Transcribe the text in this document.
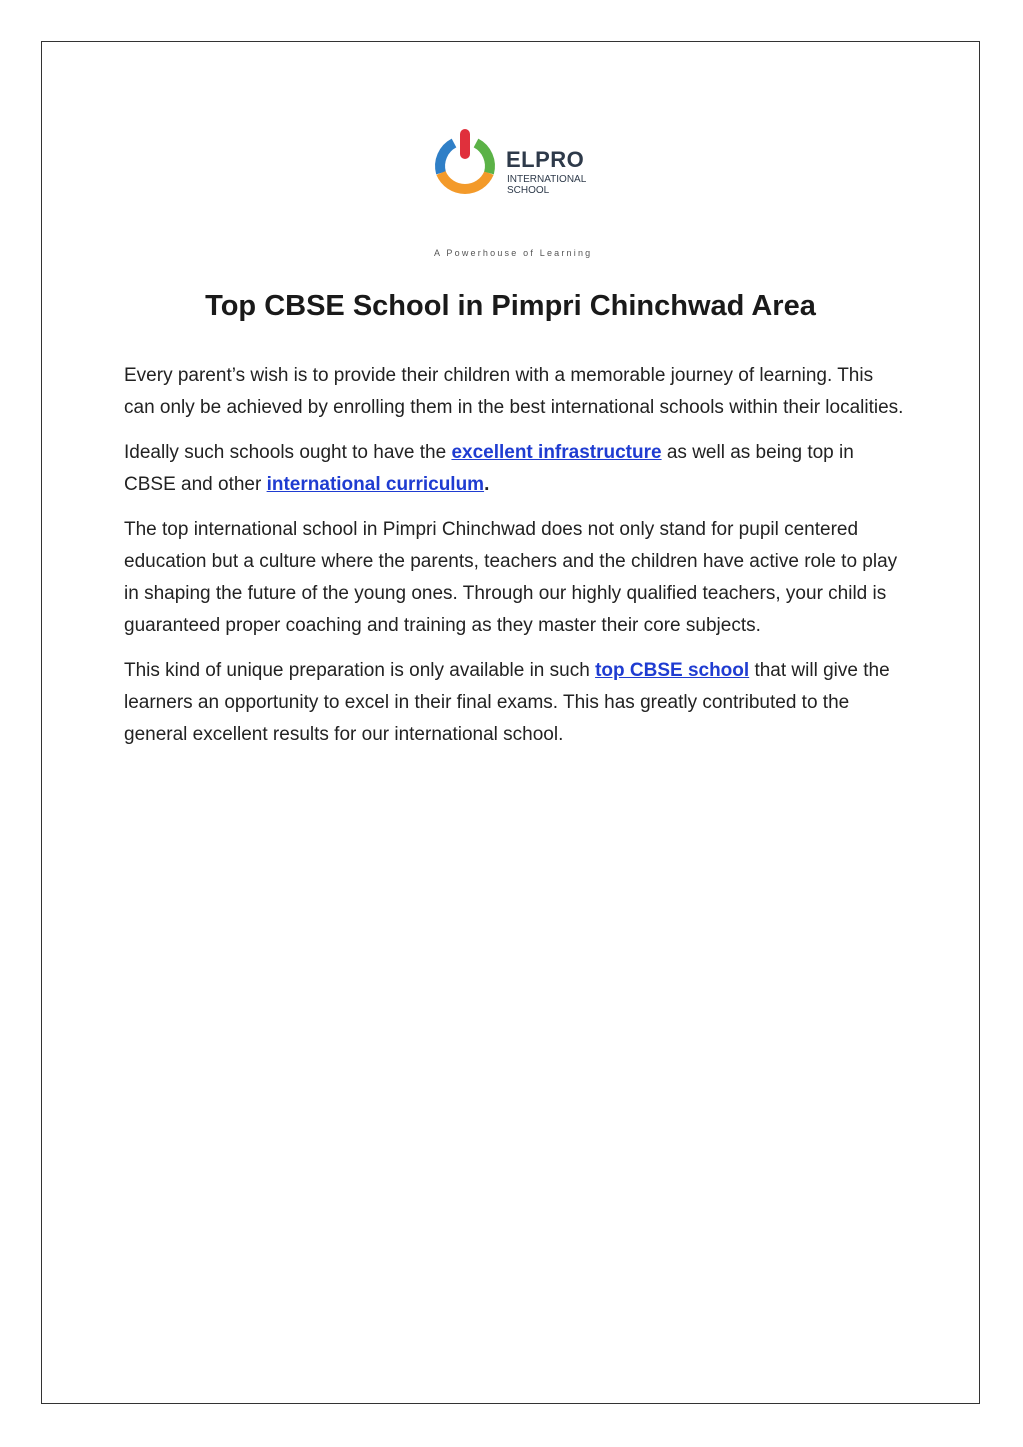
ELPRO
INTERNATIONAL
SCHOOL
A Powerhouse of Learning
Top CBSE School in Pimpri Chinchwad Area

Every parent’s wish is to provide their children with a memorable journey of learning. This can only be achieved by enrolling them in the best international schools within their localities.

Ideally such schools ought to have the excellent infrastructure as well as being top in CBSE and other international curriculum.

The top international school in Pimpri Chinchwad does not only stand for pupil centered education but a culture where the parents, teachers and the children have active role to play in shaping the future of the young ones. Through our highly qualified teachers, your child is guaranteed proper coaching and training as they master their core subjects.

This kind of unique preparation is only available in such top CBSE school that will give the learners an opportunity to excel in their final exams. This has greatly contributed to the general excellent results for our international school.
